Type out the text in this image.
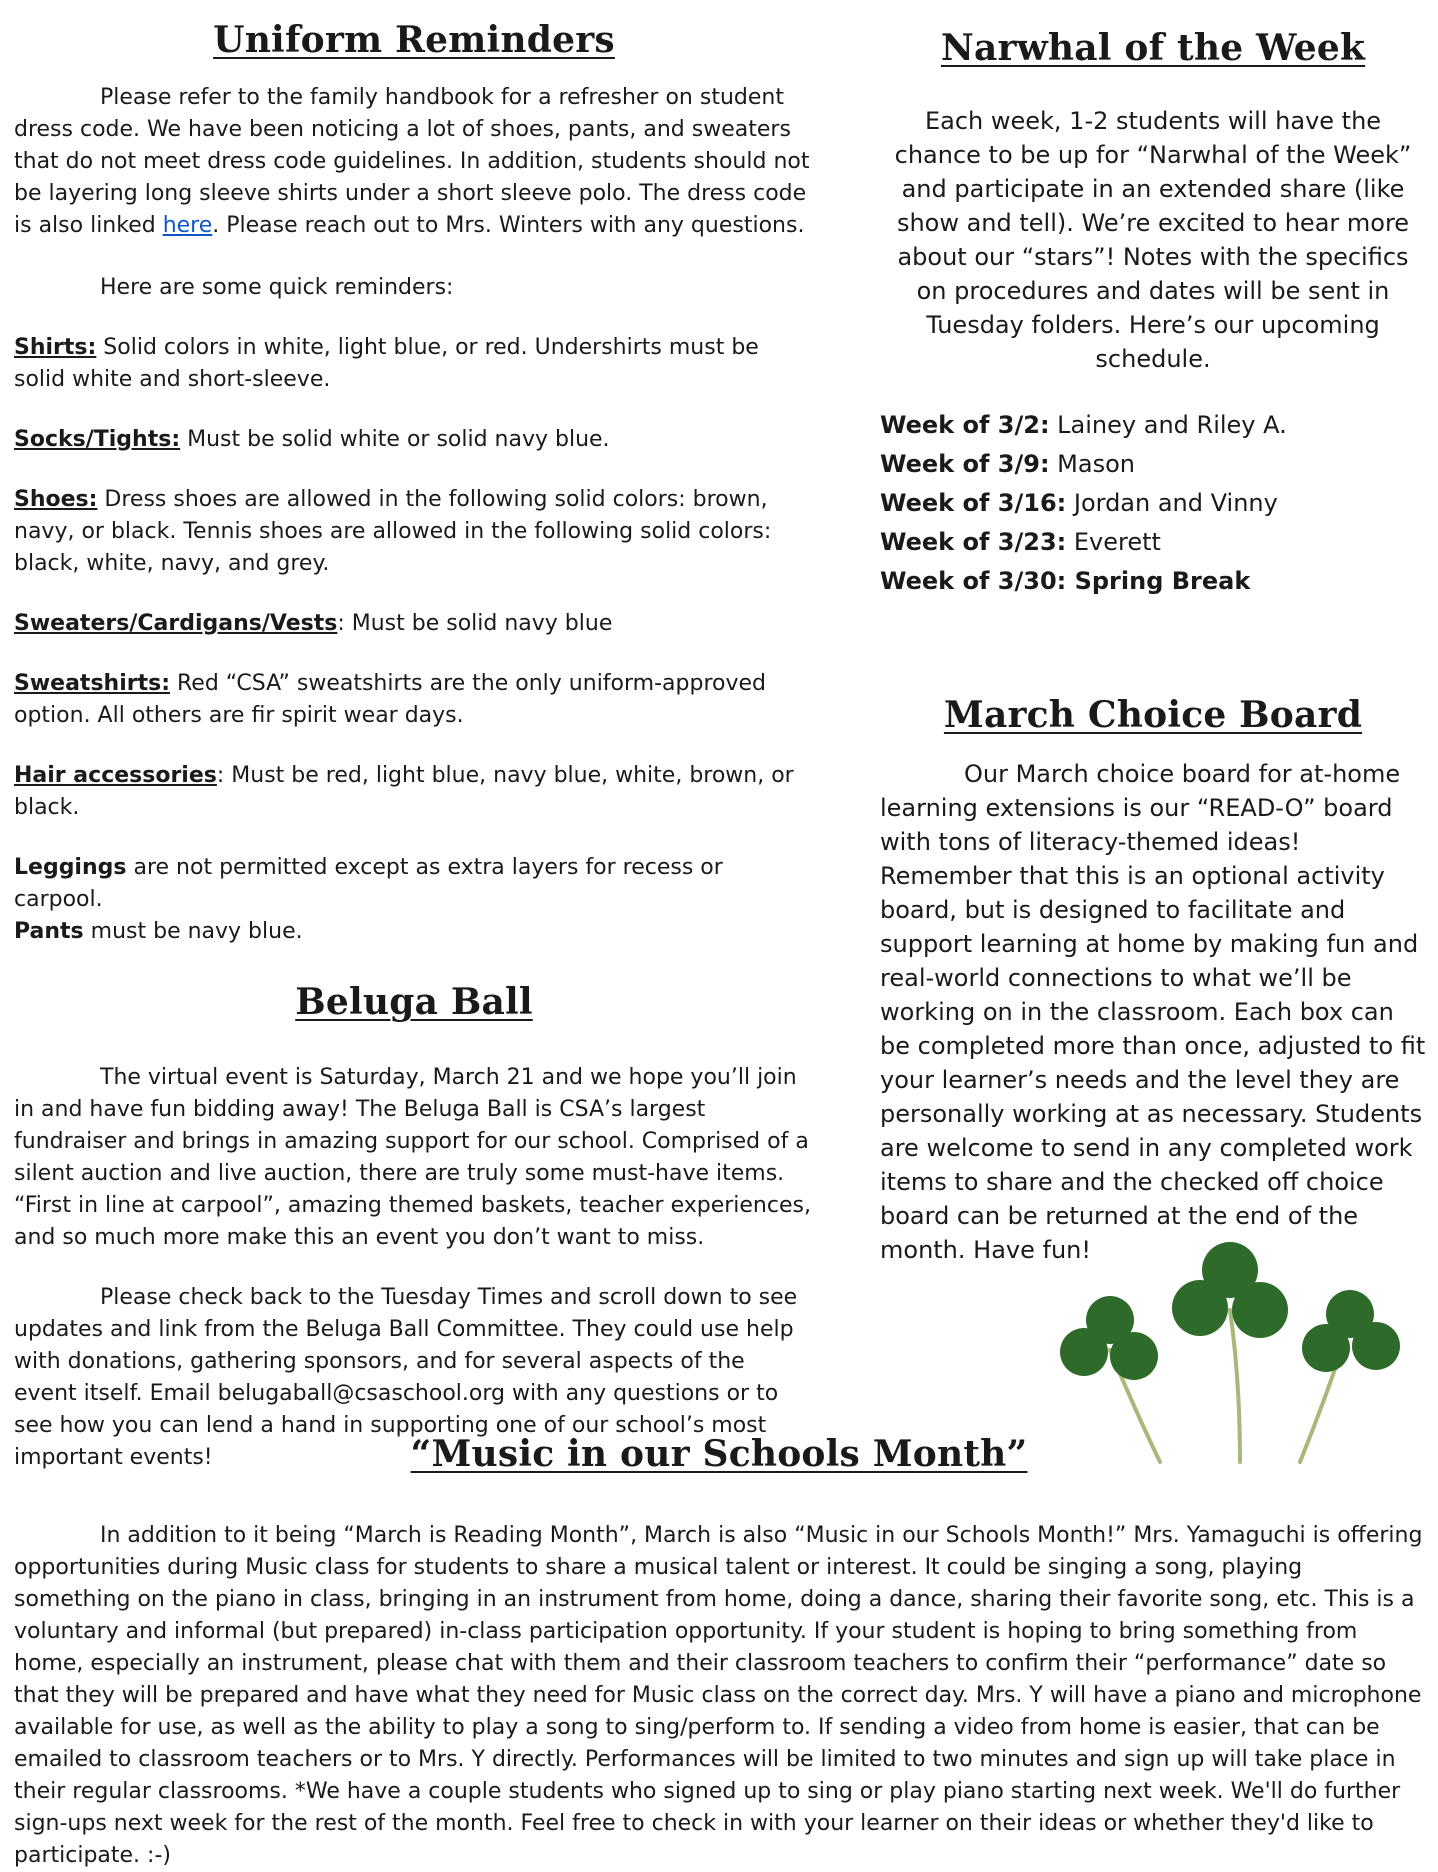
Uniform Reminders

Please refer to the family handbook for a refresher on student dress code. We have been noticing a lot of shoes, pants, and sweaters that do not meet dress code guidelines. In addition, students should not be layering long sleeve shirts under a short sleeve polo. The dress code is also linked here. Please reach out to Mrs. Winters with any questions.

Here are some quick reminders:

Shirts: Solid colors in white, light blue, or red. Undershirts must be solid white and short-sleeve.

Socks/Tights: Must be solid white or solid navy blue.

Shoes: Dress shoes are allowed in the following solid colors: brown, navy, or black. Tennis shoes are allowed in the following solid colors: black, white, navy, and grey.

Sweaters/Cardigans/Vests: Must be solid navy blue

Sweatshirts: Red “CSA” sweatshirts are the only uniform-approved option. All others are fir spirit wear days.

Hair accessories: Must be red, light blue, navy blue, white, brown, or black.

Leggings are not permitted except as extra layers for recess or carpool.

Pants must be navy blue.

Beluga Ball

The virtual event is Saturday, March 21 and we hope you’ll join in and have fun bidding away! The Beluga Ball is CSA’s largest fundraiser and brings in amazing support for our school. Comprised of a silent auction and live auction, there are truly some must-have items. “First in line at carpool”, amazing themed baskets, teacher experiences, and so much more make this an event you don’t want to miss.

Please check back to the Tuesday Times and scroll down to see updates and link from the Beluga Ball Committee. They could use help with donations, gathering sponsors, and for several aspects of the event itself. Email belugaball@csaschool.org with any questions or to see how you can lend a hand in supporting one of our school’s most important events!

Narwhal of the Week

Each week, 1-2 students will have the chance to be up for “Narwhal of the Week” and participate in an extended share (like show and tell). We’re excited to hear more about our “stars”! Notes with the specifics on procedures and dates will be sent in Tuesday folders. Here’s our upcoming schedule.

Week of 3/2: Lainey and Riley A.
Week of 3/9: Mason
Week of 3/16: Jordan and Vinny
Week of 3/23: Everett
Week of 3/30: Spring Break
March Choice Board

Our March choice board for at-home learning extensions is our “READ-O” board with tons of literacy-themed ideas! Remember that this is an optional activity board, but is designed to facilitate and support learning at home by making fun and real-world connections to what we’ll be working on in the classroom. Each box can be completed more than once, adjusted to fit your learner’s needs and the level they are personally working at as necessary. Students are welcome to send in any completed work items to share and the checked off choice board can be returned at the end of the month. Have fun!

“Music in our Schools Month”

In addition to it being “March is Reading Month”, March is also “Music in our Schools Month!” Mrs. Yamaguchi is offering opportunities during Music class for students to share a musical talent or interest. It could be singing a song, playing something on the piano in class, bringing in an instrument from home, doing a dance, sharing their favorite song, etc. This is a voluntary and informal (but prepared) in-class participation opportunity. If your student is hoping to bring something from home, especially an instrument, please chat with them and their classroom teachers to confirm their “performance” date so that they will be prepared and have what they need for Music class on the correct day. Mrs. Y will have a piano and microphone available for use, as well as the ability to play a song to sing/perform to. If sending a video from home is easier, that can be emailed to classroom teachers or to Mrs. Y directly. Performances will be limited to two minutes and sign up will take place in their regular classrooms. *We have a couple students who signed up to sing or play piano starting next week. We'll do further sign-ups next week for the rest of the month. Feel free to check in with your learner on their ideas or whether they'd like to participate. :-)
